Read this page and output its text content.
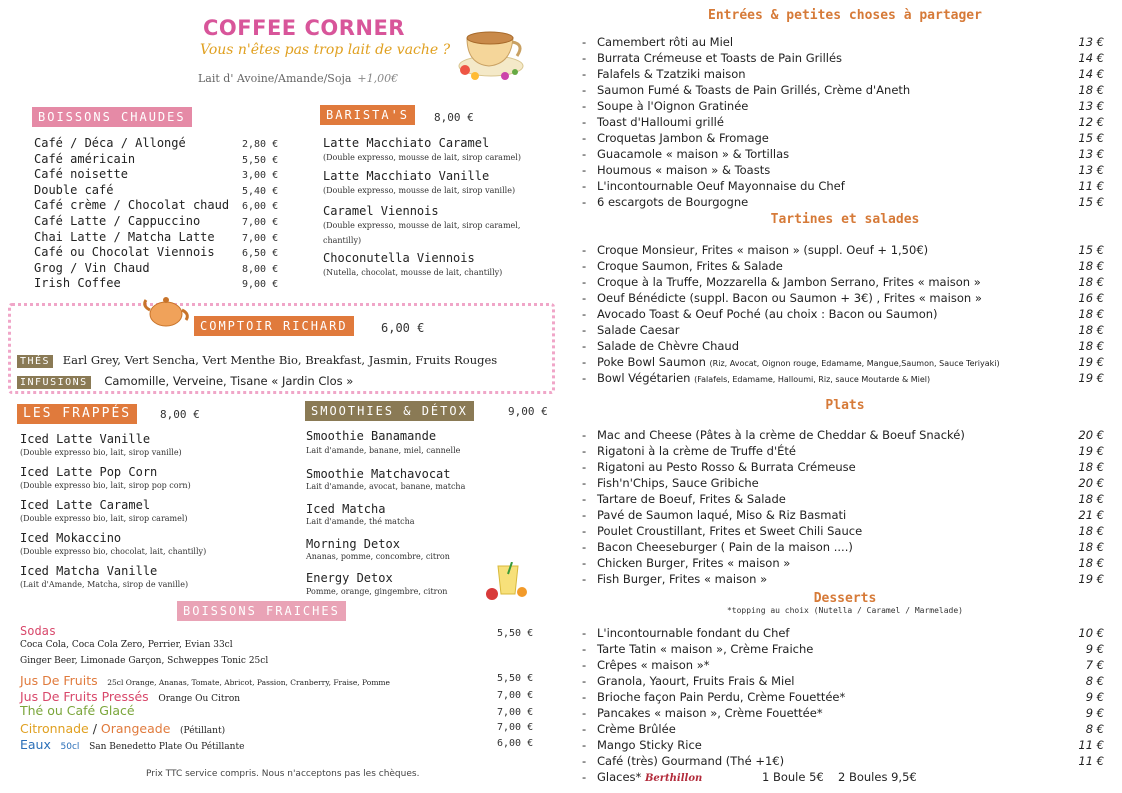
COFFEE CORNER
Vous n'êtes pas trop lait de vache ?
Lait d' Avoine/Amande/Soja +1,00€
BOISSONS CHAUDES
Café / Déca / Allongé	2,80 €
Café américain	5,50 €
Café noisette	3,00 €
Double café	5,40 €
Café crème / Chocolat chaud 6,00 €
Café Latte / Cappuccino	7,00 €
Chai Latte / Matcha Latte	7,00 €
Café ou Chocolat Viennois	6,50 €
Grog / Vin Chaud	8,00 €
Irish Coffee	9,00 €
BARISTA'S	8,00 €
Latte Macchiato Caramel
(Double expresso, mousse de lait, sirop caramel)
Latte Macchiato Vanille
(Double expresso, mousse de lait, sirop vanille)
Caramel Viennois
(Double expresso, mousse de lait, sirop caramel,
chantilly)
Choconutella Viennois
(Nutella, chocolat, mousse de lait, chantilly)
COMPTOIR RICHARD	6,00 €
THÉS Earl Grey, Vert Sencha, Vert Menthe Bio, Breakfast, Jasmin, Fruits Rouges
INFUSIONS Camomille, Verveine, Tisane « Jardin Clos »
LES FRAPPÉS	8,00 €
Iced Latte Vanille
(Double expresso bio, lait, sirop vanille)
Iced Latte Pop Corn
(Double expresso bio, lait, sirop pop corn)
Iced Latte Caramel
(Double expresso bio, lait, sirop caramel)
Iced Mokaccino
(Double expresso bio, chocolat, lait, chantilly)
Iced Matcha Vanille
(Lait d'Amande, Matcha, sirop de vanille)
SMOOTHIES & DÉTOX	9,00 €
Smoothie Banamande
Lait d'amande, banane, miel, cannelle
Smoothie Matchavocat
Lait d'amande, avocat, banane, matcha
Iced Matcha
Lait d'amande, thé matcha
Morning Detox
Ananas, pomme, concombre, citron
Energy Detox
Pomme, orange, gingembre, citron
BOISSONS FRAICHES
Sodas	5,50 €
Coca Cola, Coca Cola Zero, Perrier, Evian 33cl
Ginger Beer, Limonade Garçon, Schweppes Tonic 25cl
Jus De Fruits 25cl Orange, Ananas, Tomate, Abricot, Passion, Cranberry, Fraise, Pomme	5,50 €
Jus De Fruits Pressés Orange Ou Citron	7,00 €
Thé ou Café Glacé	7,00 €
Citronnade / Orangeade (Pétillant)	7,00 €
Eaux 50cl San Benedetto Plate Ou Pétillante	6,00 €
Prix TTC service compris. Nous n'acceptons pas les chèques.
Entrées & petites choses à partager
- Camembert rôti au Miel	13 €
- Burrata Crémeuse et Toasts de Pain Grillés	14 €
- Falafels & Tzatziki maison	14 €
- Saumon Fumé & Toasts de Pain Grillés, Crème d'Aneth	18 €
- Soupe à l'Oignon Gratinée	13 €
- Toast d'Halloumi grillé	12 €
- Croquetas Jambon & Fromage	15 €
- Guacamole « maison » & Tortillas	13 €
- Houmous « maison » & Toasts	13 €
- L'incontournable Oeuf Mayonnaise du Chef	11 €
- 6 escargots de Bourgogne	15 €
Tartines et salades
- Croque Monsieur, Frites « maison » (suppl. Oeuf + 1,50€)	15 €
- Croque Saumon, Frites & Salade	18 €
- Croque à la Truffe, Mozzarella & Jambon Serrano, Frites « maison »	18 €
- Oeuf Bénédicte (suppl. Bacon ou Saumon + 3€) , Frites « maison »	16 €
- Avocado Toast & Oeuf Poché (au choix : Bacon ou Saumon)	18 €
- Salade Caesar	18 €
- Salade de Chèvre Chaud	18 €
- Poke Bowl Saumon (Riz, Avocat, Oignon rouge, Edamame, Mangue,Saumon, Sauce Teriyaki)	19 €
- Bowl Végétarien (Falafels, Edamame, Halloumi, Riz, sauce Moutarde & Miel)	19 €
Plats
- Mac and Cheese (Pâtes à la crème de Cheddar & Boeuf Snacké)	20 €
- Rigatoni à la crème de Truffe d'Été	19 €
- Rigatoni au Pesto Rosso & Burrata Crémeuse	18 €
- Fish'n'Chips, Sauce Gribiche	20 €
- Tartare de Boeuf, Frites & Salade	18 €
- Pavé de Saumon laqué, Miso & Riz Basmati	21 €
- Poulet Croustillant, Frites et Sweet Chili Sauce	18 €
- Bacon Cheeseburger ( Pain de la maison ....)	18 €
- Chicken Burger, Frites « maison »	18 €
- Fish Burger, Frites « maison »	19 €
Desserts
*topping au choix (Nutella / Caramel / Marmelade)
- L'incontournable fondant du Chef	10 €
- Tarte Tatin « maison », Crème Fraiche	9 €
- Crêpes « maison »*	7 €
- Granola, Yaourt, Fruits Frais & Miel	8 €
- Brioche façon Pain Perdu, Crème Fouettée*	9 €
- Pancakes « maison », Crème Fouettée*	9 €
- Crème Brûlée	8 €
- Mango Sticky Rice	11 €
- Café (très) Gourmand (Thé +1€)	11 €
- Glaces* Berthillon	1 Boule 5€ 2 Boules 9,5€
